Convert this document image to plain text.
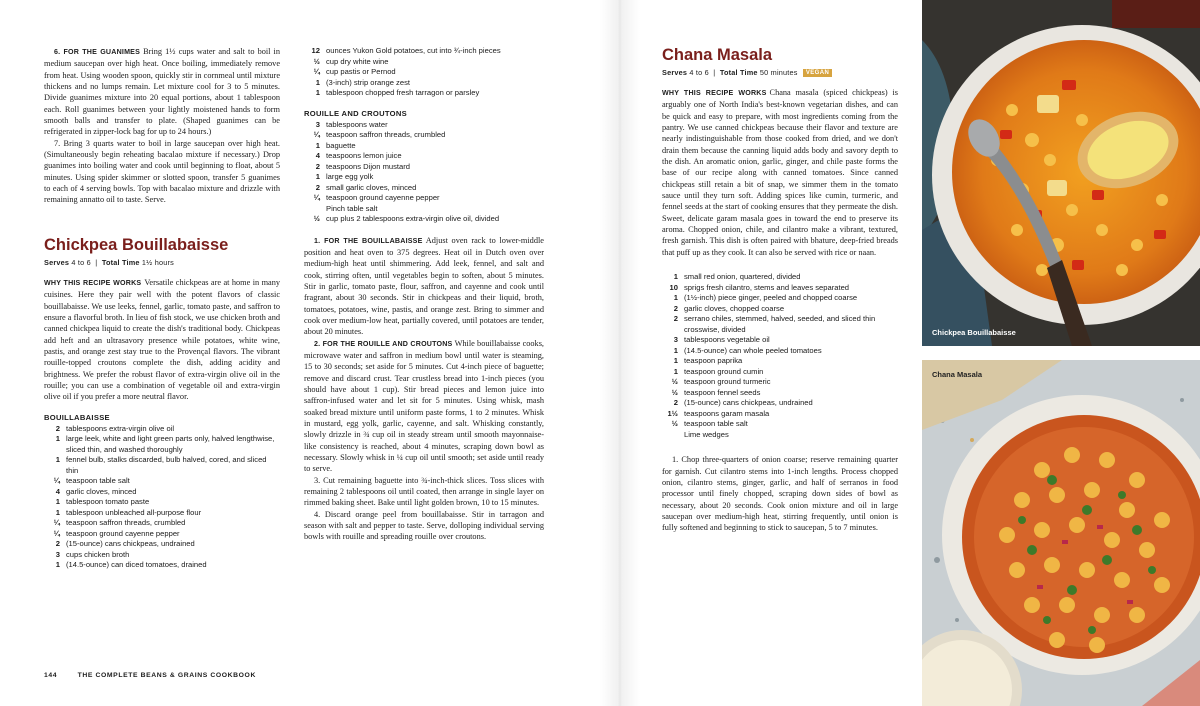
6. FOR THE GUANIMES Bring 1½ cups water and salt to boil in medium saucepan over high heat. Once boiling, immediately remove from heat. Using wooden spoon, quickly stir in cornmeal until mixture thickens and no lumps remain. Let mixture cool for 3 to 5 minutes. Divide guanimes mixture into 20 equal portions, about 1 tablespoon each. Roll guanimes between your lightly moistened hands to form smooth balls and transfer to plate. (Shaped guanimes can be refrigerated in zipper-lock bag for up to 24 hours.)

7. Bring 3 quarts water to boil in large saucepan over high heat. (Simultaneously begin reheating bacalao mixture if necessary.) Drop guanimes into boiling water and cook until beginning to float, about 5 minutes. Using spider skimmer or slotted spoon, transfer 5 guanimes to each of 4 serving bowls. Top with bacalao mixture and drizzle with remaining annatto oil to taste. Serve.

Chickpea Bouillabaisse
Serves 4 to 6  |  Total Time 1½ hours

WHY THIS RECIPE WORKS Versatile chickpeas are at home in many cuisines. Here they pair well with the potent flavors of classic bouillabaisse. We use leeks, fennel, garlic, tomato paste, and saffron to ensure a flavorful broth. In lieu of fish stock, we use chicken broth and canned chickpea liquid to create the dish's traditional body. Chickpeas add heft and an ultrasavory presence while potatoes, white wine, pastis, and orange zest stay true to the Provençal flavors. The vibrant rouille-topped croutons complete the dish, adding acidity and brightness. We prefer the robust flavor of extra-virgin olive oil in the rouille; you can use a combination of vegetable oil and extra-virgin olive oil if you prefer a more neutral flavor.

BOUILLABAISSE
2 tablespoons extra-virgin olive oil
1 large leek, white and light green parts only, halved lengthwise, sliced thin, and washed thoroughly
1 fennel bulb, stalks discarded, bulb halved, cored, and sliced thin
¼ teaspoon table salt
4 garlic cloves, minced
1 tablespoon tomato paste
1 tablespoon unbleached all-purpose flour
¼ teaspoon saffron threads, crumbled
¼ teaspoon ground cayenne pepper
2 (15-ounce) cans chickpeas, undrained
3 cups chicken broth
1 (14.5-ounce) can diced tomatoes, drained
12 ounces Yukon Gold potatoes, cut into ¾-inch pieces
½ cup dry white wine
¼ cup pastis or Pernod
1 (3-inch) strip orange zest
1 tablespoon chopped fresh tarragon or parsley
ROUILLE AND CROUTONS
3 tablespoons water
¼ teaspoon saffron threads, crumbled
1 baguette
4 teaspoons lemon juice
2 teaspoons Dijon mustard
1 large egg yolk
2 small garlic cloves, minced
¼ teaspoon ground cayenne pepper
Pinch table salt
½ cup plus 2 tablespoons extra-virgin olive oil, divided

1. FOR THE BOUILLABAISSE Adjust oven rack to lower-middle position and heat oven to 375 degrees. Heat oil in Dutch oven over medium-high heat until shimmering. Add leek, fennel, and salt and cook, stirring often, until vegetables begin to soften, about 5 minutes. Stir in garlic, tomato paste, flour, saffron, and cayenne and cook until fragrant, about 30 seconds. Stir in chickpeas and their liquid, broth, tomatoes, potatoes, wine, pastis, and orange zest. Bring to simmer and cook over medium-low heat, partially covered, until potatoes are tender, about 20 minutes.

2. FOR THE ROUILLE AND CROUTONS While bouillabaisse cooks, microwave water and saffron in medium bowl until water is steaming, 15 to 30 seconds; set aside for 5 minutes. Cut 4-inch piece of baguette; remove and discard crust. Tear crustless bread into 1-inch pieces (you should have about 1 cup). Stir bread pieces and lemon juice into saffron-infused water and let sit for 5 minutes. Using whisk, mash soaked bread mixture until uniform paste forms, 1 to 2 minutes. Whisk in mustard, egg yolk, garlic, cayenne, and salt. Whisking constantly, slowly drizzle in ¾ cup oil in steady stream until smooth mayonnaise-like consistency is reached, about 4 minutes, scraping down bowl as necessary. Slowly whisk in ¼ cup oil until smooth; set aside until ready to serve.

3. Cut remaining baguette into ¾-inch-thick slices. Toss slices with remaining 2 tablespoons oil until coated, then arrange in single layer on rimmed baking sheet. Bake until light golden brown, 10 to 15 minutes.

4. Discard orange peel from bouillabaisse. Stir in tarragon and season with salt and pepper to taste. Serve, dolloping individual serving bowls with rouille and spreading rouille over croutons.

144	THE COMPLETE BEANS & GRAINS COOKBOOK
Chana Masala
Serves 4 to 6  |  Total Time 50 minutes VEGAN

WHY THIS RECIPE WORKS Chana masala (spiced chickpeas) is arguably one of North India's best-known vegetarian dishes, and can be quick and easy to prepare, with most ingredients coming from the pantry. We use canned chickpeas because their flavor and texture are nearly indistinguishable from those cooked from dried, and we don't drain them because the canning liquid adds body and savory depth to the dish. An aromatic onion, garlic, ginger, and chile paste forms the base of our recipe along with canned tomatoes. Since canned chickpeas still retain a bit of snap, we simmer them in the tomato sauce until they turn soft. Adding spices like cumin, turmeric, and fennel seeds at the start of cooking ensures that they permeate the dish. Sweet, delicate garam masala goes in toward the end to preserve its aroma. Chopped onion, chile, and cilantro make a vibrant, textured, fresh garnish. This dish is often paired with bhature, deep-fried breads that puff up as they cook. It can also be served with rice or naan.

1 small red onion, quartered, divided
10 sprigs fresh cilantro, stems and leaves separated
1 (1½-inch) piece ginger, peeled and chopped coarse
2 garlic cloves, chopped coarse
2 serrano chiles, stemmed, halved, seeded, and sliced thin crosswise, divided
3 tablespoons vegetable oil
1 (14.5-ounce) can whole peeled tomatoes
1 teaspoon paprika
1 teaspoon ground cumin
½ teaspoon ground turmeric
½ teaspoon fennel seeds
2 (15-ounce) cans chickpeas, undrained
1½ teaspoons garam masala
½ teaspoon table salt
Lime wedges

1. Chop three-quarters of onion coarse; reserve remaining quarter for garnish. Cut cilantro stems into 1-inch lengths. Process chopped onion, cilantro stems, ginger, garlic, and half of serranos in food processor until finely chopped, scraping down sides of bowl as necessary, about 20 seconds. Cook onion mixture and oil in large saucepan over medium-high heat, stirring frequently, until onion is fully softened and beginning to stick to saucepan, 5 to 7 minutes.

Chickpea Bouillabaisse
Chana Masala
